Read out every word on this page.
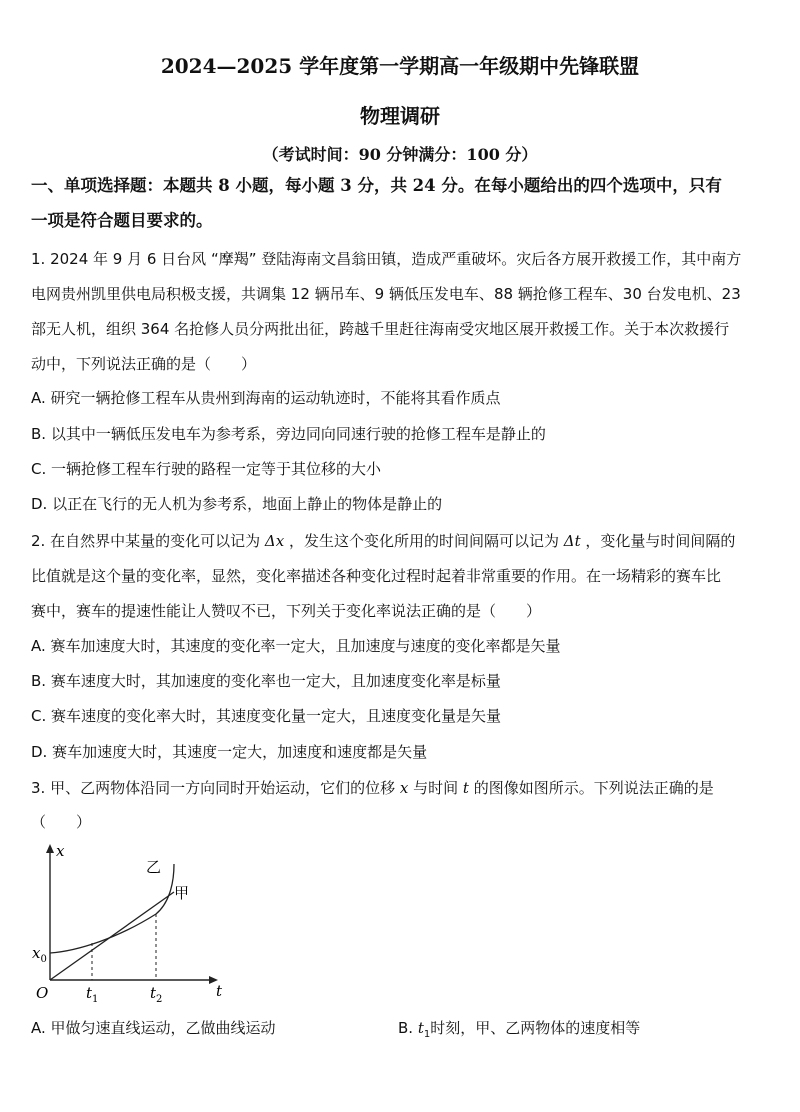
2024—2025 学年度第一学期高一年级期中先锋联盟
物理调研
（考试时间：90 分钟满分：100 分）
一、单项选择题：本题共 8 小题，每小题 3 分，共 24 分。在每小题给出的四个选项中，只有
一项是符合题目要求的。
1. 2024 年 9 月 6 日台风 “摩羯” 登陆海南文昌翁田镇，造成严重破坏。灾后各方展开救援工作，其中南方
电网贵州凯里供电局积极支援，共调集 12 辆吊车、9 辆低压发电车、88 辆抢修工程车、30 台发电机、23
部无人机，组织 364 名抢修人员分两批出征，跨越千里赶往海南受灾地区展开救援工作。关于本次救援行
动中，下列说法正确的是（　　）
A. 研究一辆抢修工程车从贵州到海南的运动轨迹时，不能将其看作质点
B. 以其中一辆低压发电车为参考系，旁边同向同速行驶的抢修工程车是静止的
C. 一辆抢修工程车行驶的路程一定等于其位移的大小
D. 以正在飞行的无人机为参考系，地面上静止的物体是静止的
2. 在自然界中某量的变化可以记为 Δx ，发生这个变化所用的时间间隔可以记为 Δt ，变化量与时间间隔的
比值就是这个量的变化率，显然，变化率描述各种变化过程时起着非常重要的作用。在一场精彩的赛车比
赛中，赛车的提速性能让人赞叹不已，下列关于变化率说法正确的是（　　）
A. 赛车加速度大时，其速度的变化率一定大，且加速度与速度的变化率都是矢量
B. 赛车速度大时，其加速度的变化率也一定大，且加速度变化率是标量
C. 赛车速度的变化率大时，其速度变化量一定大，且速度变化量是矢量
D. 赛车加速度大时，其速度一定大，加速度和速度都是矢量
3. 甲、乙两物体沿同一方向同时开始运动，它们的位移 x 与时间 t 的图像如图所示。下列说法正确的是
（　　）
x
t
O
$x_0$
$t_1$	$t_2$
乙
甲
A. 甲做匀速直线运动，乙做曲线运动	B. $t_1$时刻，甲、乙两物体的速度相等
